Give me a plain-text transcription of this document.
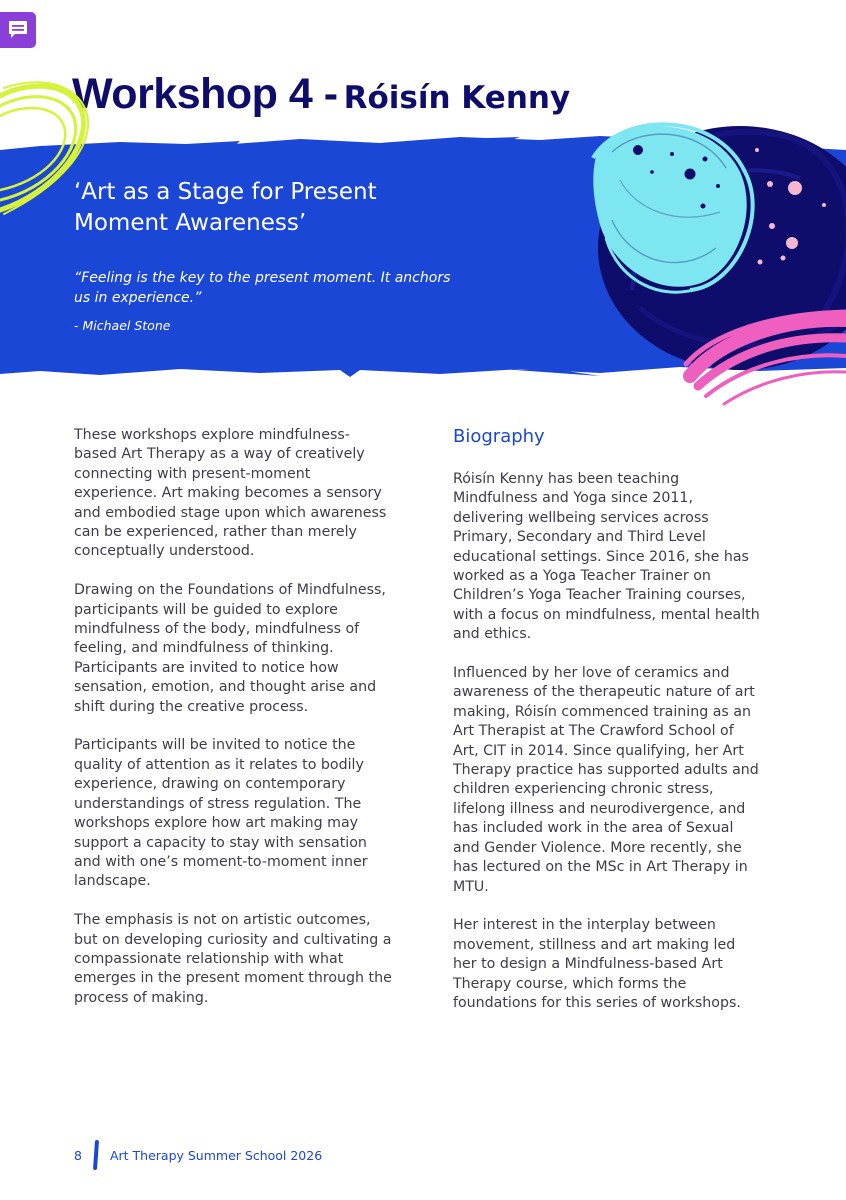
Workshop 4 - Róisín Kenny
‘Art as a Stage for Present Moment Awareness’
“Feeling is the key to the present moment. It anchors us in experience.”
- Michael Stone

These workshops explore mindfulness-based Art Therapy as a way of creatively connecting with present-moment experience. Art making becomes a sensory and embodied stage upon which awareness can be experienced, rather than merely conceptually understood.

Drawing on the Foundations of Mindfulness, participants will be guided to explore mindfulness of the body, mindfulness of feeling, and mindfulness of thinking. Participants are invited to notice how sensation, emotion, and thought arise and shift during the creative process.

Participants will be invited to notice the quality of attention as it relates to bodily experience, drawing on contemporary understandings of stress regulation. The workshops explore how art making may support a capacity to stay with sensation and with one’s moment-to-moment inner landscape.

The emphasis is not on artistic outcomes, but on developing curiosity and cultivating a compassionate relationship with what emerges in the present moment through the process of making.

Biography

Róisín Kenny has been teaching Mindfulness and Yoga since 2011, delivering wellbeing services across Primary, Secondary and Third Level educational settings. Since 2016, she has worked as a Yoga Teacher Trainer on Children’s Yoga Teacher Training courses, with a focus on mindfulness, mental health and ethics.

Influenced by her love of ceramics and awareness of the therapeutic nature of art making, Róisín commenced training as an Art Therapist at The Crawford School of Art, CIT in 2014. Since qualifying, her Art Therapy practice has supported adults and children experiencing chronic stress, lifelong illness and neurodivergence, and has included work in the area of Sexual and Gender Violence. More recently, she has lectured on the MSc in Art Therapy in MTU.

Her interest in the interplay between movement, stillness and art making led her to design a Mindfulness-based Art Therapy course, which forms the foundations for this series of workshops.

8 Art Therapy Summer School 2026
